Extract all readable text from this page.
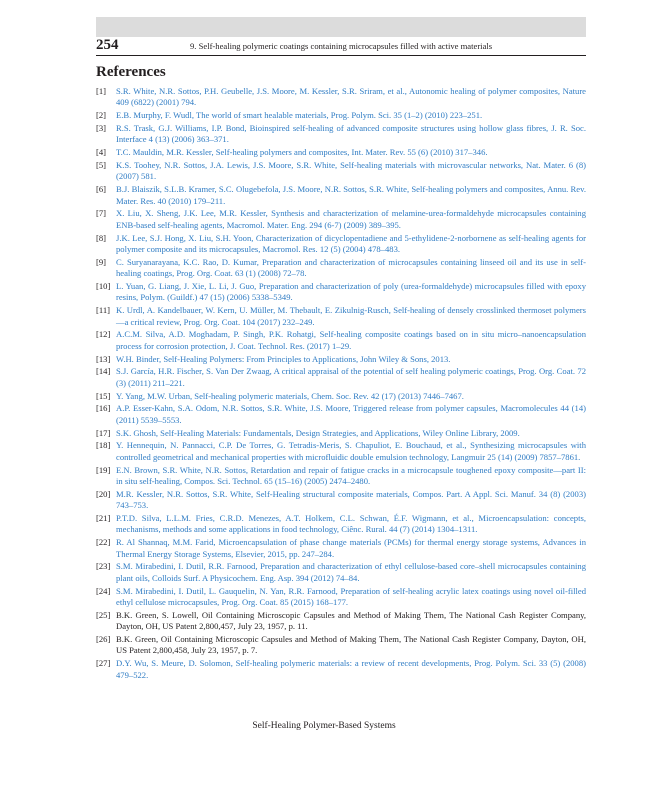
254	9. Self-healing polymeric coatings containing microcapsules filled with active materials
References
[1]	S.R. White, N.R. Sottos, P.H. Geubelle, J.S. Moore, M. Kessler, S.R. Sriram, et al., Autonomic healing of polymer composites, Nature 409 (6822) (2001) 794.
[2]	E.B. Murphy, F. Wudl, The world of smart healable materials, Prog. Polym. Sci. 35 (1–2) (2010) 223–251.
[3]	R.S. Trask, G.J. Williams, I.P. Bond, Bioinspired self-healing of advanced composite structures using hollow glass fibres, J. R. Soc. Interface 4 (13) (2006) 363–371.
[4]	T.C. Mauldin, M.R. Kessler, Self-healing polymers and composites, Int. Mater. Rev. 55 (6) (2010) 317–346.
[5]	K.S. Toohey, N.R. Sottos, J.A. Lewis, J.S. Moore, S.R. White, Self-healing materials with microvascular networks, Nat. Mater. 6 (8) (2007) 581.
[6]	B.J. Blaiszik, S.L.B. Kramer, S.C. Olugebefola, J.S. Moore, N.R. Sottos, S.R. White, Self-healing polymers and composites, Annu. Rev. Mater. Res. 40 (2010) 179–211.
[7]	X. Liu, X. Sheng, J.K. Lee, M.R. Kessler, Synthesis and characterization of melamine-urea-formaldehyde microcapsules containing ENB-based self-healing agents, Macromol. Mater. Eng. 294 (6-7) (2009) 389–395.
[8]	J.K. Lee, S.J. Hong, X. Liu, S.H. Yoon, Characterization of dicyclopentadiene and 5-ethylidene-2-norbornene as self-healing agents for polymer composite and its microcapsules, Macromol. Res. 12 (5) (2004) 478–483.
[9]	C. Suryanarayana, K.C. Rao, D. Kumar, Preparation and characterization of microcapsules containing linseed oil and its use in self-healing coatings, Prog. Org. Coat. 63 (1) (2008) 72–78.
[10] L. Yuan, G. Liang, J. Xie, L. Li, J. Guo, Preparation and characterization of poly (urea-formaldehyde) microcapsules filled with epoxy resins, Polym. (Guildf.) 47 (15) (2006) 5338–5349.
[11] K. Urdl, A. Kandelbauer, W. Kern, U. Müller, M. Thebault, E. Zikulnig-Rusch, Self-healing of densely crosslinked thermoset polymers—a critical review, Prog. Org. Coat. 104 (2017) 232–249.
[12] A.C.M. Silva, A.D. Moghadam, P. Singh, P.K. Rohatgi, Self-healing composite coatings based on in situ micro–nanoencapsulation process for corrosion protection, J. Coat. Technol. Res. (2017) 1–29.
[13] W.H. Binder, Self-Healing Polymers: From Principles to Applications, John Wiley & Sons, 2013.
[14] S.J. García, H.R. Fischer, S. Van Der Zwaag, A critical appraisal of the potential of self healing polymeric coatings, Prog. Org. Coat. 72 (3) (2011) 211–221.
[15] Y. Yang, M.W. Urban, Self-healing polymeric materials, Chem. Soc. Rev. 42 (17) (2013) 7446–7467.
[16] A.P. Esser-Kahn, S.A. Odom, N.R. Sottos, S.R. White, J.S. Moore, Triggered release from polymer capsules, Macromolecules 44 (14) (2011) 5539–5553.
[17] S.K. Ghosh, Self-Healing Materials: Fundamentals, Design Strategies, and Applications, Wiley Online Library, 2009.
[18] Y. Hennequin, N. Pannacci, C.P. De Torres, G. Tetradis-Meris, S. Chapuliot, E. Bouchaud, et al., Synthesizing microcapsules with controlled geometrical and mechanical properties with microfluidic double emulsion technology, Langmuir 25 (14) (2009) 7857–7861.
[19] E.N. Brown, S.R. White, N.R. Sottos, Retardation and repair of fatigue cracks in a microcapsule toughened epoxy composite—part II: in situ self-healing, Compos. Sci. Technol. 65 (15–16) (2005) 2474–2480.
[20] M.R. Kessler, N.R. Sottos, S.R. White, Self-Healing structural composite materials, Compos. Part. A Appl. Sci. Manuf. 34 (8) (2003) 743–753.
[21] P.T.D. Silva, L.L.M. Fries, C.R.D. Menezes, A.T. Holkem, C.L. Schwan, É.F. Wigmann, et al., Microencapsulation: concepts, mechanisms, methods and some applications in food technology, Ciênc. Rural. 44 (7) (2014) 1304–1311.
[22] R. Al Shannaq, M.M. Farid, Microencapsulation of phase change materials (PCMs) for thermal energy storage systems, Advances in Thermal Energy Storage Systems, Elsevier, 2015, pp. 247–284.
[23] S.M. Mirabedini, I. Dutil, R.R. Farnood, Preparation and characterization of ethyl cellulose-based core–shell microcapsules containing plant oils, Colloids Surf. A Physicochem. Eng. Asp. 394 (2012) 74–84.
[24] S.M. Mirabedini, I. Dutil, L. Gauquelin, N. Yan, R.R. Farnood, Preparation of self-healing acrylic latex coatings using novel oil-filled ethyl cellulose microcapsules, Prog. Org. Coat. 85 (2015) 168–177.
[25] B.K. Green, S. Lowell, Oil Containing Microscopic Capsules and Method of Making Them, The National Cash Register Company, Dayton, OH, US Patent 2,800,457, July 23, 1957, p. 11.
[26] B.K. Green, Oil Containing Microscopic Capsules and Method of Making Them, The National Cash Register Company, Dayton, OH, US Patent 2,800,458, July 23, 1957, p. 7.
[27] D.Y. Wu, S. Meure, D. Solomon, Self-healing polymeric materials: a review of recent developments, Prog. Polym. Sci. 33 (5) (2008) 479–522.
Self-Healing Polymer-Based Systems
